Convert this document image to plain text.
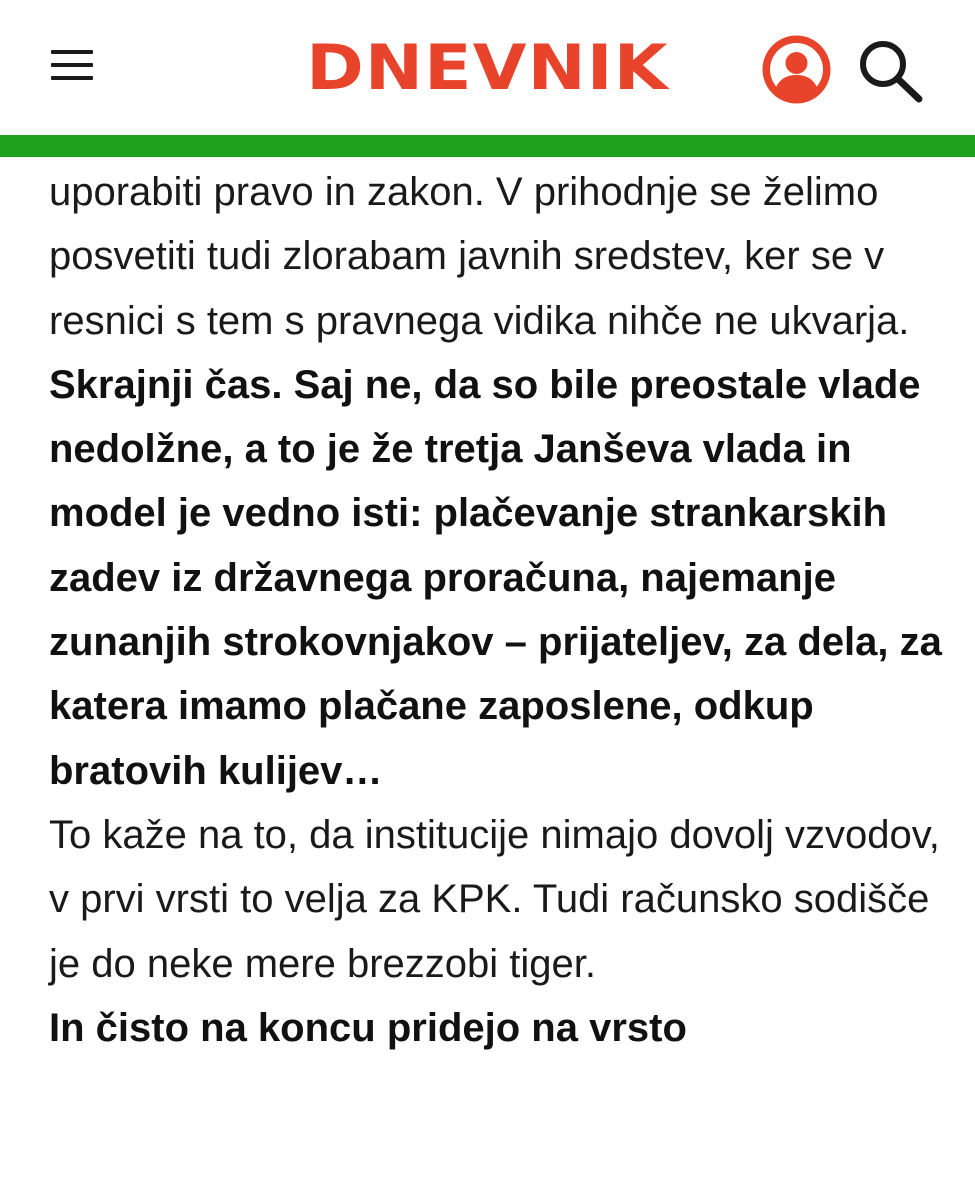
DNEVNIK

uporabiti pravo in zakon. V prihodnje se želimo posvetiti tudi zlorabam javnih sredstev, ker se v resnici s tem s pravnega vidika nihče ne ukvarja.

Skrajnji čas. Saj ne, da so bile preostale vlade nedolžne, a to je že tretja Janševa vlada in model je vedno isti: plačevanje strankarskih zadev iz državnega proračuna, najemanje zunanjih strokovnjakov – prijateljev, za dela, za katera imamo plačane zaposlene, odkup bratovih kulijev…

To kaže na to, da institucije nimajo dovolj vzvodov, v prvi vrsti to velja za KPK. Tudi računsko sodišče je do neke mere brezzobi tiger.

In čisto na koncu pridejo na vrsto
